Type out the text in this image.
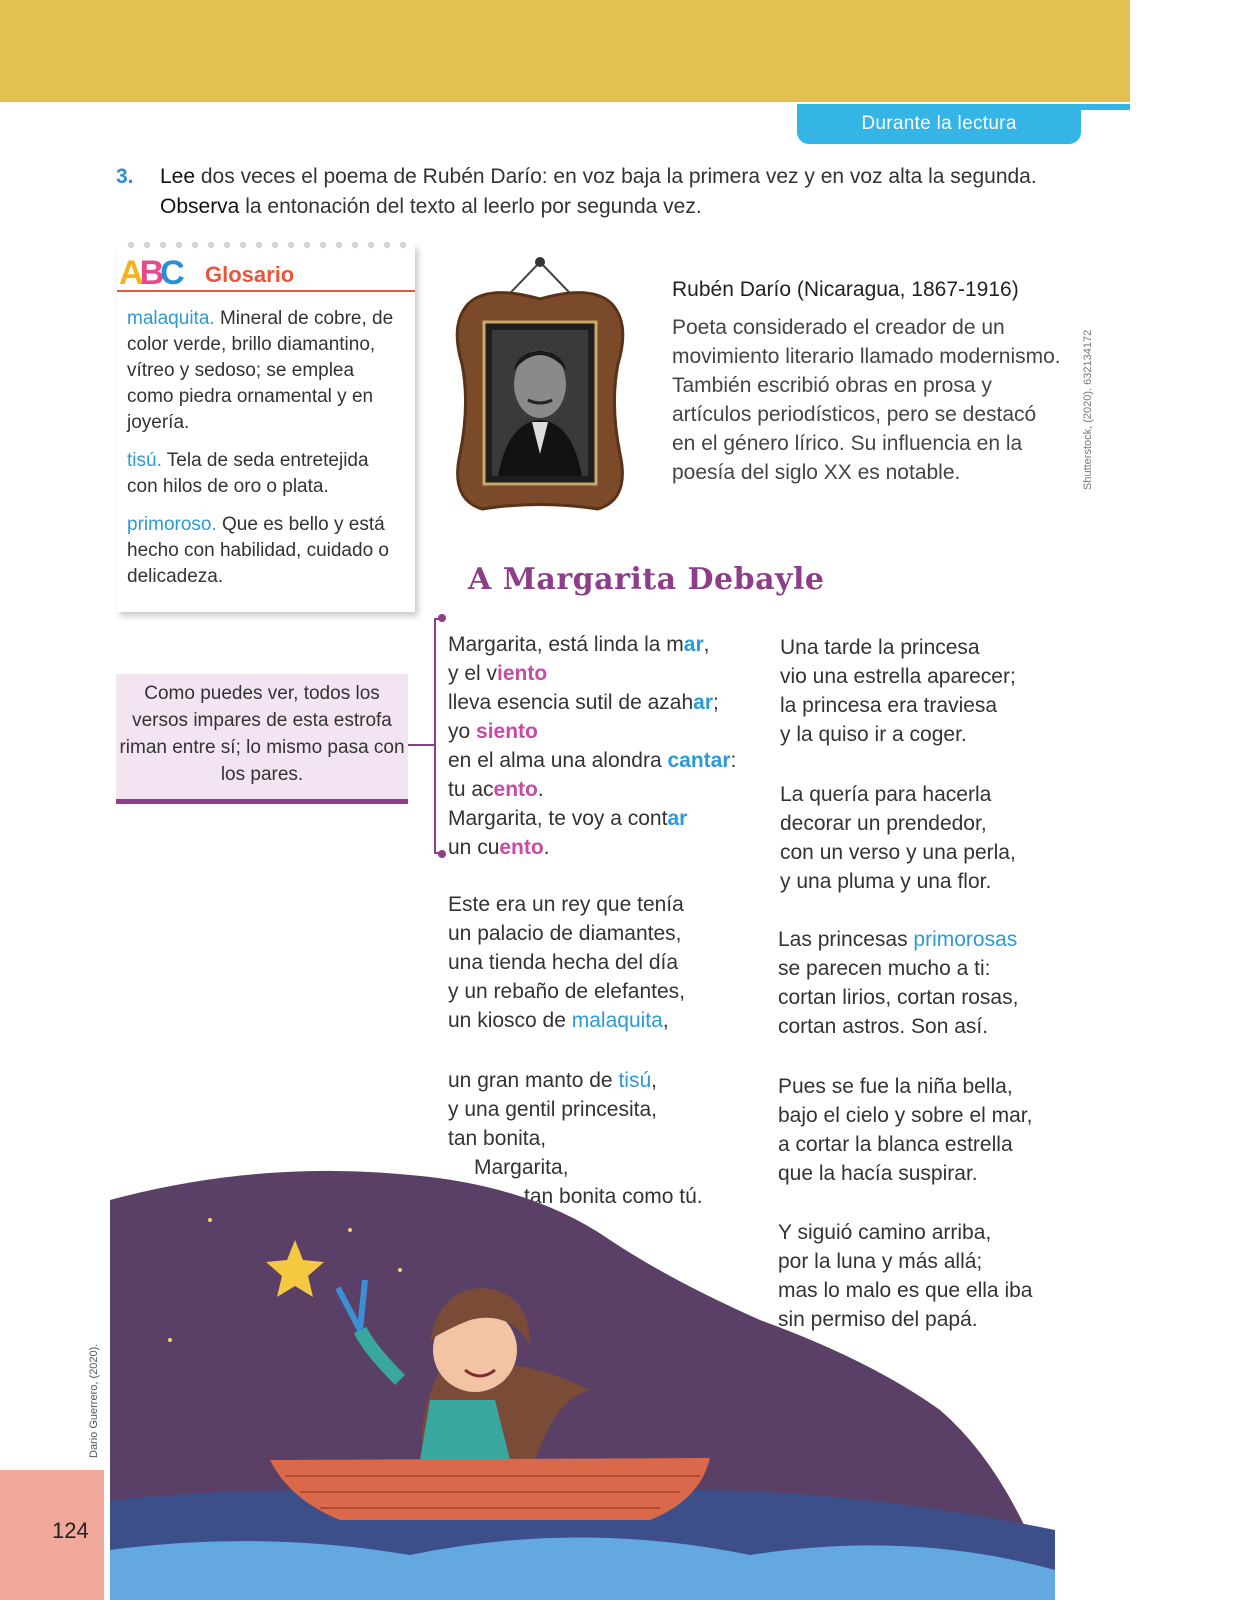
Durante la lectura
3. Lee dos veces el poema de Rubén Darío: en voz baja la primera vez y en voz alta la segunda.
Observa la entonación del texto al leerlo por segunda vez.
ABC Glosario

malaquita. Mineral de cobre, de color verde, brillo diamantino, vítreo y sedoso; se emplea como piedra ornamental y en joyería.

tisú. Tela de seda entretejida con hilos de oro o plata.

primoroso. Que es bello y está hecho con habilidad, cuidado o delicadeza.

Como puedes ver, todos los versos impares de esta estrofa riman entre sí; lo mismo pasa con los pares.
Rubén Darío (Nicaragua, 1867-1916)
Poeta considerado el creador de un movimiento literario llamado modernismo. También escribió obras en prosa y artículos periodísticos, pero se destacó en el género lírico. Su influencia en la poesía del siglo XX es notable.	Shutterstock, (2020). 632134172
A Margarita Debayle
Margarita, está linda la mar,
y el viento
lleva esencia sutil de azahar;
yo siento
en el alma una alondra cantar:
tu acento.
Margarita, te voy a contar
un cuento.
Este era un rey que tenía
un palacio de diamantes,
una tienda hecha del día
y un rebaño de elefantes,
un kiosco de malaquita,
un gran manto de tisú,
y una gentil princesita,
tan bonita,
Margarita,
tan bonita como tú.
Una tarde la princesa
vio una estrella aparecer;
la princesa era traviesa
y la quiso ir a coger.
La quería para hacerla
decorar un prendedor,
con un verso y una perla,
y una pluma y una flor.
Las princesas primorosas
se parecen mucho a ti:
cortan lirios, cortan rosas,
cortan astros. Son así.
Pues se fue la niña bella,
bajo el cielo y sobre el mar,
a cortar la blanca estrella
que la hacía suspirar.
Y siguió camino arriba,
por la luna y más allá;
mas lo malo es que ella iba
sin permiso del papá.
124
Dario Guerrero, (2020).
